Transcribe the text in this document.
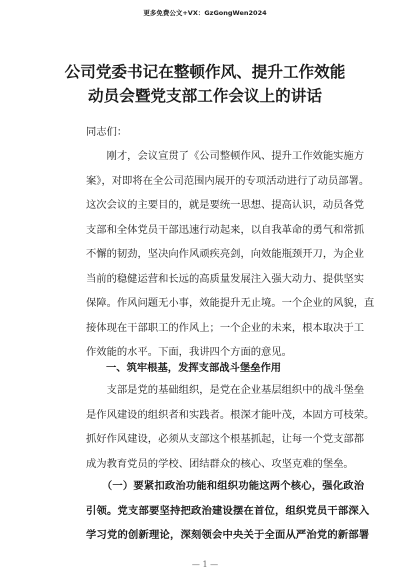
更多免费公文+VX：GzGongWen2024
公司党委书记在整顿作风、提升工作效能
动员会暨党支部工作会议上的讲话
同志们：
　　刚才，会议宣贯了《公司整顿作风、提升工作效能实施方
案》，对即将在全公司范围内展开的专项活动进行了动员部署。
这次会议的主要目的，就是要统一思想、提高认识，动员各党
支部和全体党员干部迅速行动起来，以自我革命的勇气和常抓
不懈的韧劲，坚决向作风顽疾亮剑，向效能瓶颈开刀，为企业
当前的稳健运营和长远的高质量发展注入强大动力、提供坚实
保障。作风问题无小事，效能提升无止境。一个企业的风貌，直
接体现在干部职工的作风上；一个企业的未来，根本取决于工
作效能的水平。下面，我讲四个方面的意见。
一、筑牢根基，发挥支部战斗堡垒作用
　　支部是党的基础组织，是党在企业基层组织中的战斗堡垒
是作风建设的组织者和实践者。根深才能叶茂，本固方可枝荣。
抓好作风建设，必须从支部这个根基抓起，让每一个党支部都
成为教育党员的学校、团结群众的核心、攻坚克难的堡垒。
　　（一）要紧扣政治功能和组织功能这两个核心，强化政治
引领。党支部要坚持把政治建设摆在首位，组织党员干部深入
学习党的创新理论，深刻领会中央关于全面从严治党的新部署
— 1 —
